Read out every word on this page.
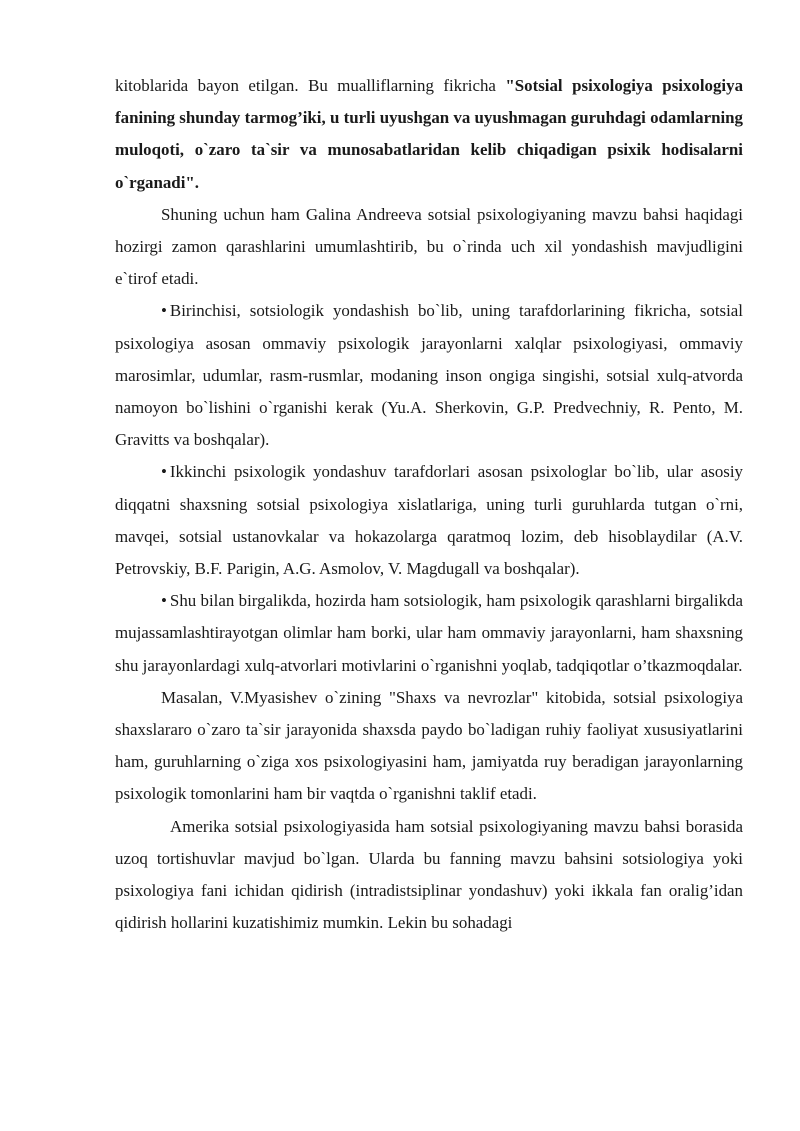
kitoblarida bayon etilgan. Bu mualliflarning fikricha "Sotsial psixologiya psixologiya fanining shunday tarmog’iki, u turli uyushgan va uyushmagan guruhdagi odamlarning muloqoti, o`zaro ta`sir va munosabatlaridan kelib chiqadigan psixik hodisalarni o`rganadi".

Shuning uchun ham Galina Andreeva sotsial psixologiyaning mavzu bahsi haqidagi hozirgi zamon qarashlarini umumlashtirib, bu o`rinda uch xil yondashish mavjudligini e`tirof etadi.

• Birinchisi, sotsiologik yondashish bo`lib, uning tarafdorlarining fikricha, sotsial psixologiya asosan ommaviy psixologik jarayonlarni xalqlar psixologiyasi, ommaviy marosimlar, udumlar, rasm-rusmlar, modaning inson ongiga singishi, sotsial xulq-atvorda namoyon bo`lishini o`rganishi kerak (Yu.A. Sherkovin, G.P. Predvechniy, R. Pento, M. Gravitts va boshqalar).

• Ikkinchi psixologik yondashuv tarafdorlari asosan psixologlar bo`lib, ular asosiy diqqatni shaxsning sotsial psixologiya xislatlariga, uning turli guruhlarda tutgan o`rni, mavqei, sotsial ustanovkalar va hokazolarga qaratmoq lozim, deb hisoblaydilar (A.V. Petrovskiy, B.F. Parigin, A.G. Asmolov, V. Magdugall va boshqalar).

• Shu bilan birgalikda, hozirda ham sotsiologik, ham psixologik qarashlarni birgalikda mujassamlashtirayotgan olimlar ham borki, ular ham ommaviy jarayonlarni, ham shaxsning shu jarayonlardagi xulq-atvorlari motivlarini o`rganishni yoqlab, tadqiqotlar o’tkazmoqdalar.

Masalan, V.Myasishev o`zining "Shaxs va nevrozlar" kitobida, sotsial psixologiya shaxslararo o`zaro ta`sir jarayonida shaxsda paydo bo`ladigan ruhiy faoliyat xususiyatlarini ham, guruhlarning o`ziga xos psixologiyasini ham, jamiyatda ruy beradigan jarayonlarning psixologik tomonlarini ham bir vaqtda o`rganishni taklif etadi.

Amerika sotsial psixologiyasida ham sotsial psixologiyaning mavzu bahsi borasida uzoq tortishuvlar mavjud bo`lgan. Ularda bu fanning mavzu bahsini sotsiologiya yoki psixologiya fani ichidan qidirish (intradistsiplinar yondashuv) yoki ikkala fan oralig’idan qidirish hollarini kuzatishimiz mumkin. Lekin bu sohadagi
